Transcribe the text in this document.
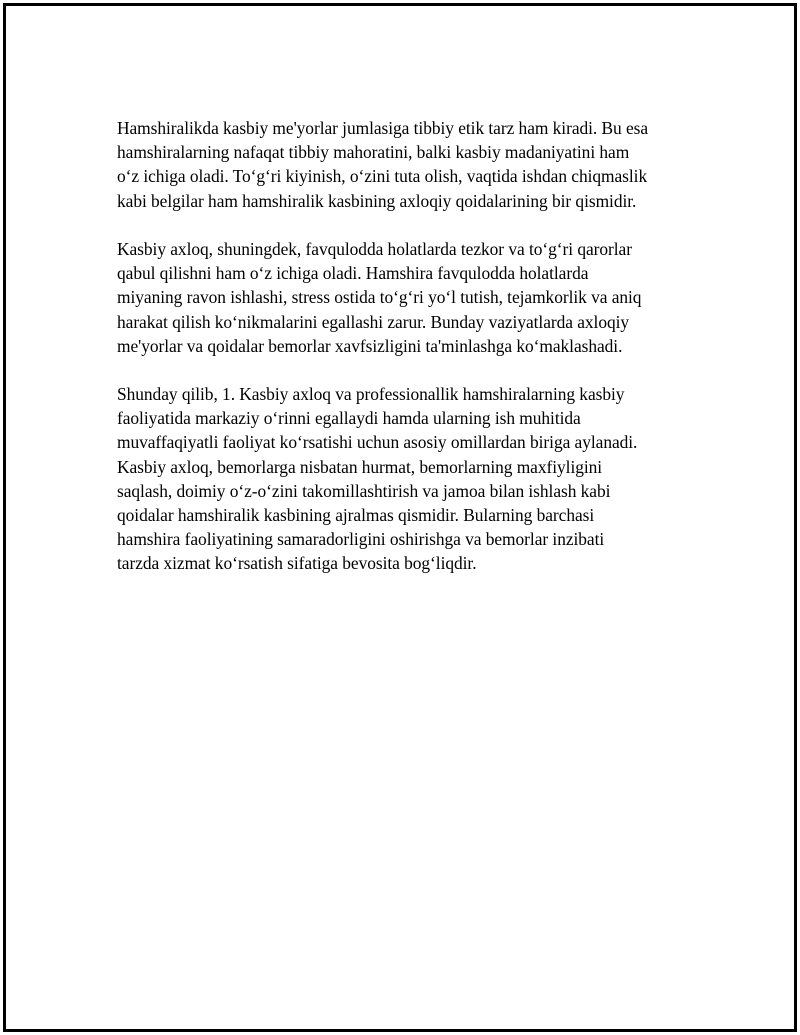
Hamshiralikda kasbiy me'yorlar jumlasiga tibbiy etik tarz ham kiradi. Bu esa
hamshiralarning nafaqat tibbiy mahoratini, balki kasbiy madaniyatini ham
o‘z ichiga oladi. To‘g‘ri kiyinish, o‘zini tuta olish, vaqtida ishdan chiqmaslik
kabi belgilar ham hamshiralik kasbining axloqiy qoidalarining bir qismidir.
Kasbiy axloq, shuningdek, favqulodda holatlarda tezkor va to‘g‘ri qarorlar
qabul qilishni ham o‘z ichiga oladi. Hamshira favqulodda holatlarda
miyaning ravon ishlashi, stress ostida to‘g‘ri yo‘l tutish, tejamkorlik va aniq
harakat qilish ko‘nikmalarini egallashi zarur. Bunday vaziyatlarda axloqiy
me'yorlar va qoidalar bemorlar xavfsizligini ta'minlashga ko‘maklashadi.
Shunday qilib, 1. Kasbiy axloq va professionallik hamshiralarning kasbiy
faoliyatida markaziy o‘rinni egallaydi hamda ularning ish muhitida
muvaffaqiyatli faoliyat ko‘rsatishi uchun asosiy omillardan biriga aylanadi.
Kasbiy axloq, bemorlarga nisbatan hurmat, bemorlarning maxfiyligini
saqlash, doimiy o‘z-o‘zini takomillashtirish va jamoa bilan ishlash kabi
qoidalar hamshiralik kasbining ajralmas qismidir. Bularning barchasi
hamshira faoliyatining samaradorligini oshirishga va bemorlar inzibati
tarzda xizmat ko‘rsatish sifatiga bevosita bog‘liqdir.
